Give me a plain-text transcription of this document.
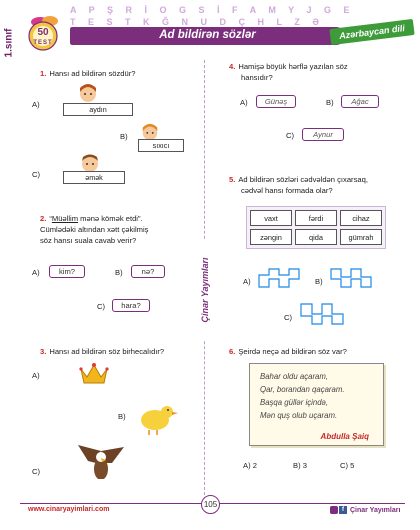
1.sınıf
A P Ş R İ O G S İ F A M Y J G E
T E S T K Ğ N U D Ç H L Z Ə
50
TEST
Ad bildirən sözlər	Azərbaycan dili
Çinar Yayımları
1. Hansı ad bildirən sözdür?
A)
aydın
B)
sıxıcı
C)	əmək
2. “Müəllim mənə kömək etdi”.
Cümlədəki altından xətt çəkilmiş
söz hansı suala cavab verir?
A)	kim?	B)	nə?
C)	hara?
3. Hansı ad bildirən söz birhecalıdır?
A)
B)
C)
4. Hamişə böyük hərflə yazılan söz
hansıdır?
A)	Günəş	B)	Ağac
C)	Aynur
5. Ad bildirən sözləri cədvəldən çıxarsaq,
cədvəl hansı formada olar?
vaxt	fərdi	cihaz
zəngin	qida	gümrah
A)	B)
C)
6. Şeirdə neçə ad bildirən söz var?
Bahar oldu açaram,
Qar, borandan qaçaram.
Başqa güllər içində,
Mən quş olub uçaram.
Abdulla Şaiq
A) 2	B) 3	C) 5
www.cinaryayimlari.com
105
f Çinar Yayımları
